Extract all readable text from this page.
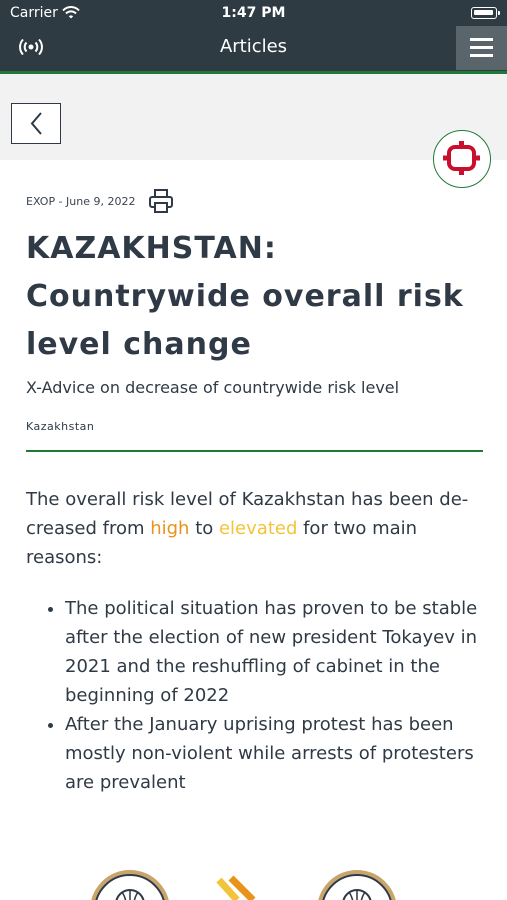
Carrier	1:47 PM
Articles
EXOP - June 9, 2022
KAZAKHSTAN:
Countrywide overall risk
level change
X-Advice on decrease of countrywide risk level
Kazakhstan
The overall risk level of Kazakhstan has been de-
creased from high to elevated for two main
reasons:
• The political situation has proven to be stable after the election of new president Tokayev in 2021 and the reshuffling of cabinet in the beginning of 2022
• After the January uprising protest has been mostly non-violent while arrests of protesters are prevalent
